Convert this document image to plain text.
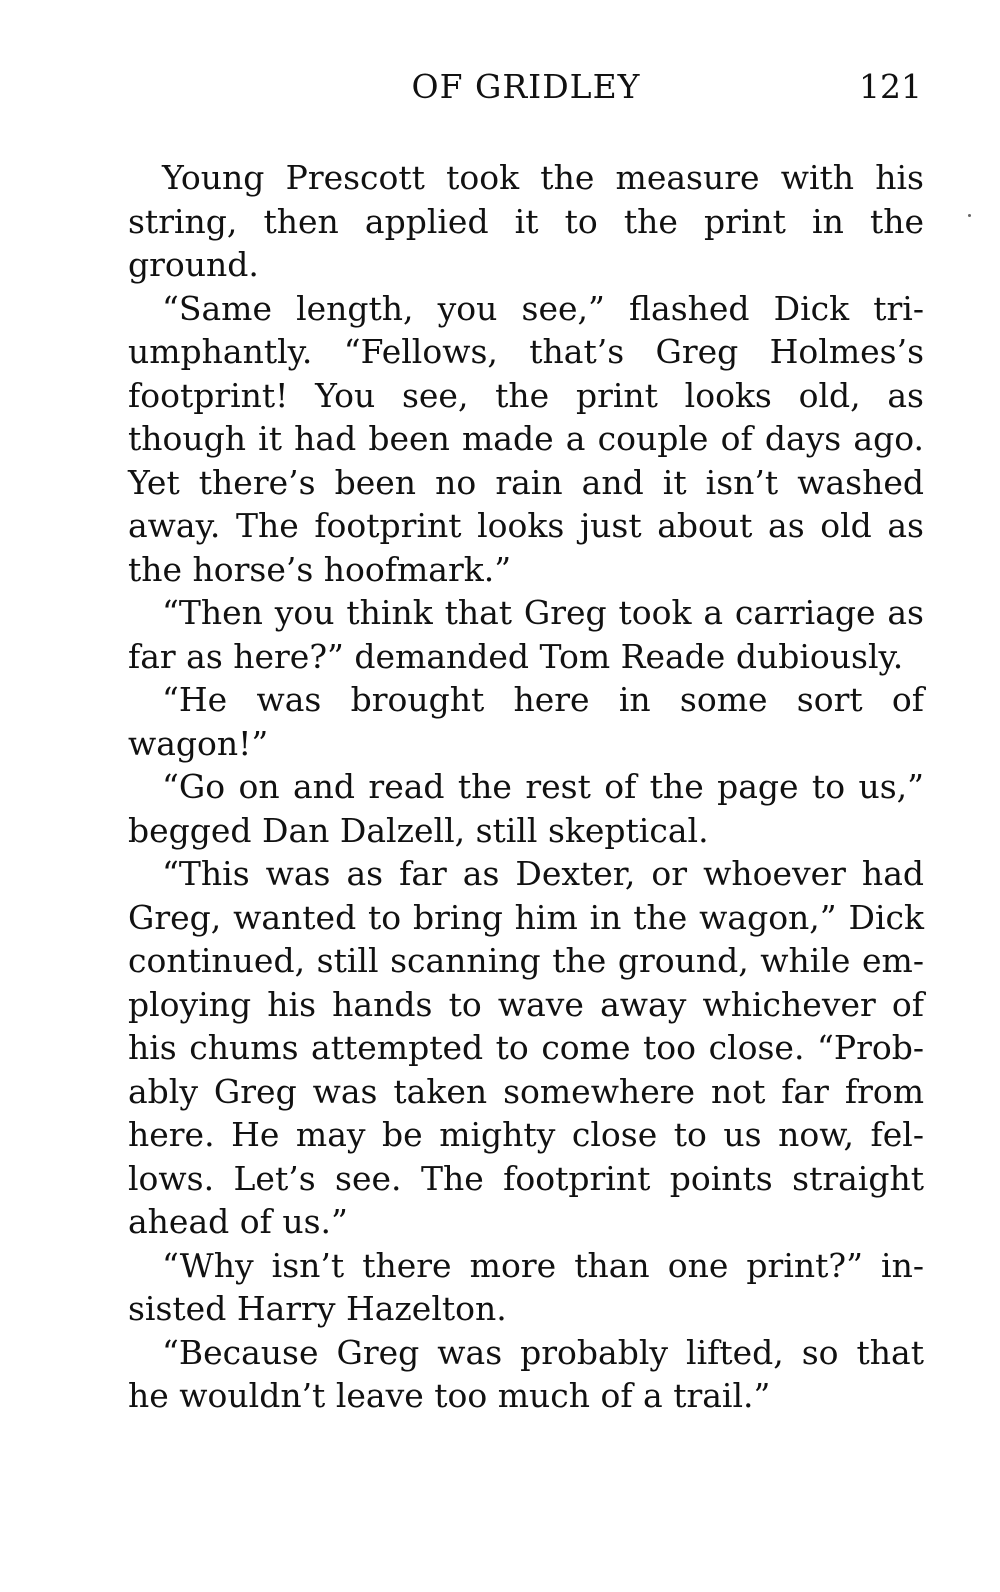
OF GRIDLEY	121

Young Prescott took the measure with his string, then applied it to the print in the ground.

“Same length, you see,” flashed Dick triumphantly. “Fellows, that’s Greg Holmes’s footprint! You see, the print looks old, as though it had been made a couple of days ago. Yet there’s been no rain and it isn’t washed away. The footprint looks just about as old as the horse’s hoofmark.”

“Then you think that Greg took a carriage as far as here?” demanded Tom Reade dubiously.

“He was brought here in some sort of wagon!”

“Go on and read the rest of the page to us,” begged Dan Dalzell, still skeptical.

“This was as far as Dexter, or whoever had Greg, wanted to bring him in the wagon,” Dick continued, still scanning the ground, while employing his hands to wave away whichever of his chums attempted to come too close. “Probably Greg was taken somewhere not far from here. He may be mighty close to us now, fellows. Let’s see. The footprint points straight ahead of us.”

“Why isn’t there more than one print?” insisted Harry Hazelton.

“Because Greg was probably lifted, so that he wouldn’t leave too much of a trail.”
